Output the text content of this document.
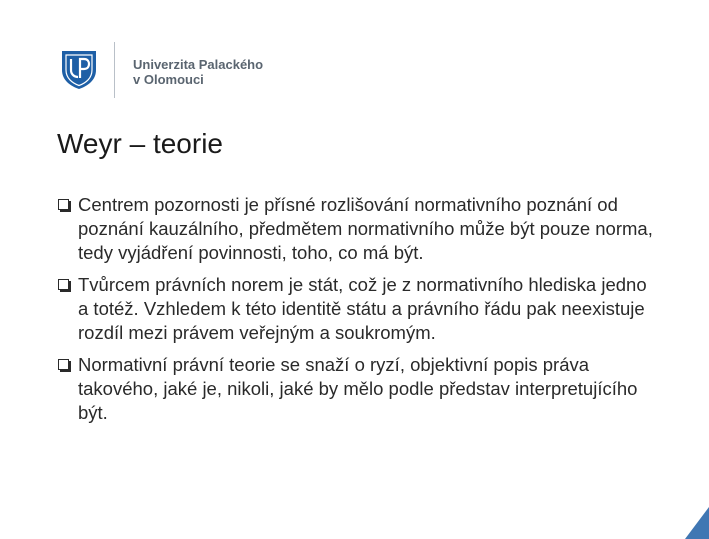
Univerzita Palackého
v Olomouci
Weyr – teorie
Centrem pozornosti je přísné rozlišování normativního poznání od poznání kauzálního, předmětem normativního může být pouze norma, tedy vyjádření povinnosti, toho, co má být.
Tvůrcem právních norem je stát, což je z normativního hlediska jedno a totéž. Vzhledem k této identitě státu a právního řádu pak neexistuje rozdíl mezi právem veřejným a soukromým.
Normativní právní teorie se snaží o ryzí, objektivní popis práva takového, jaké je, nikoli, jaké by mělo podle představ interpretujícího být.
